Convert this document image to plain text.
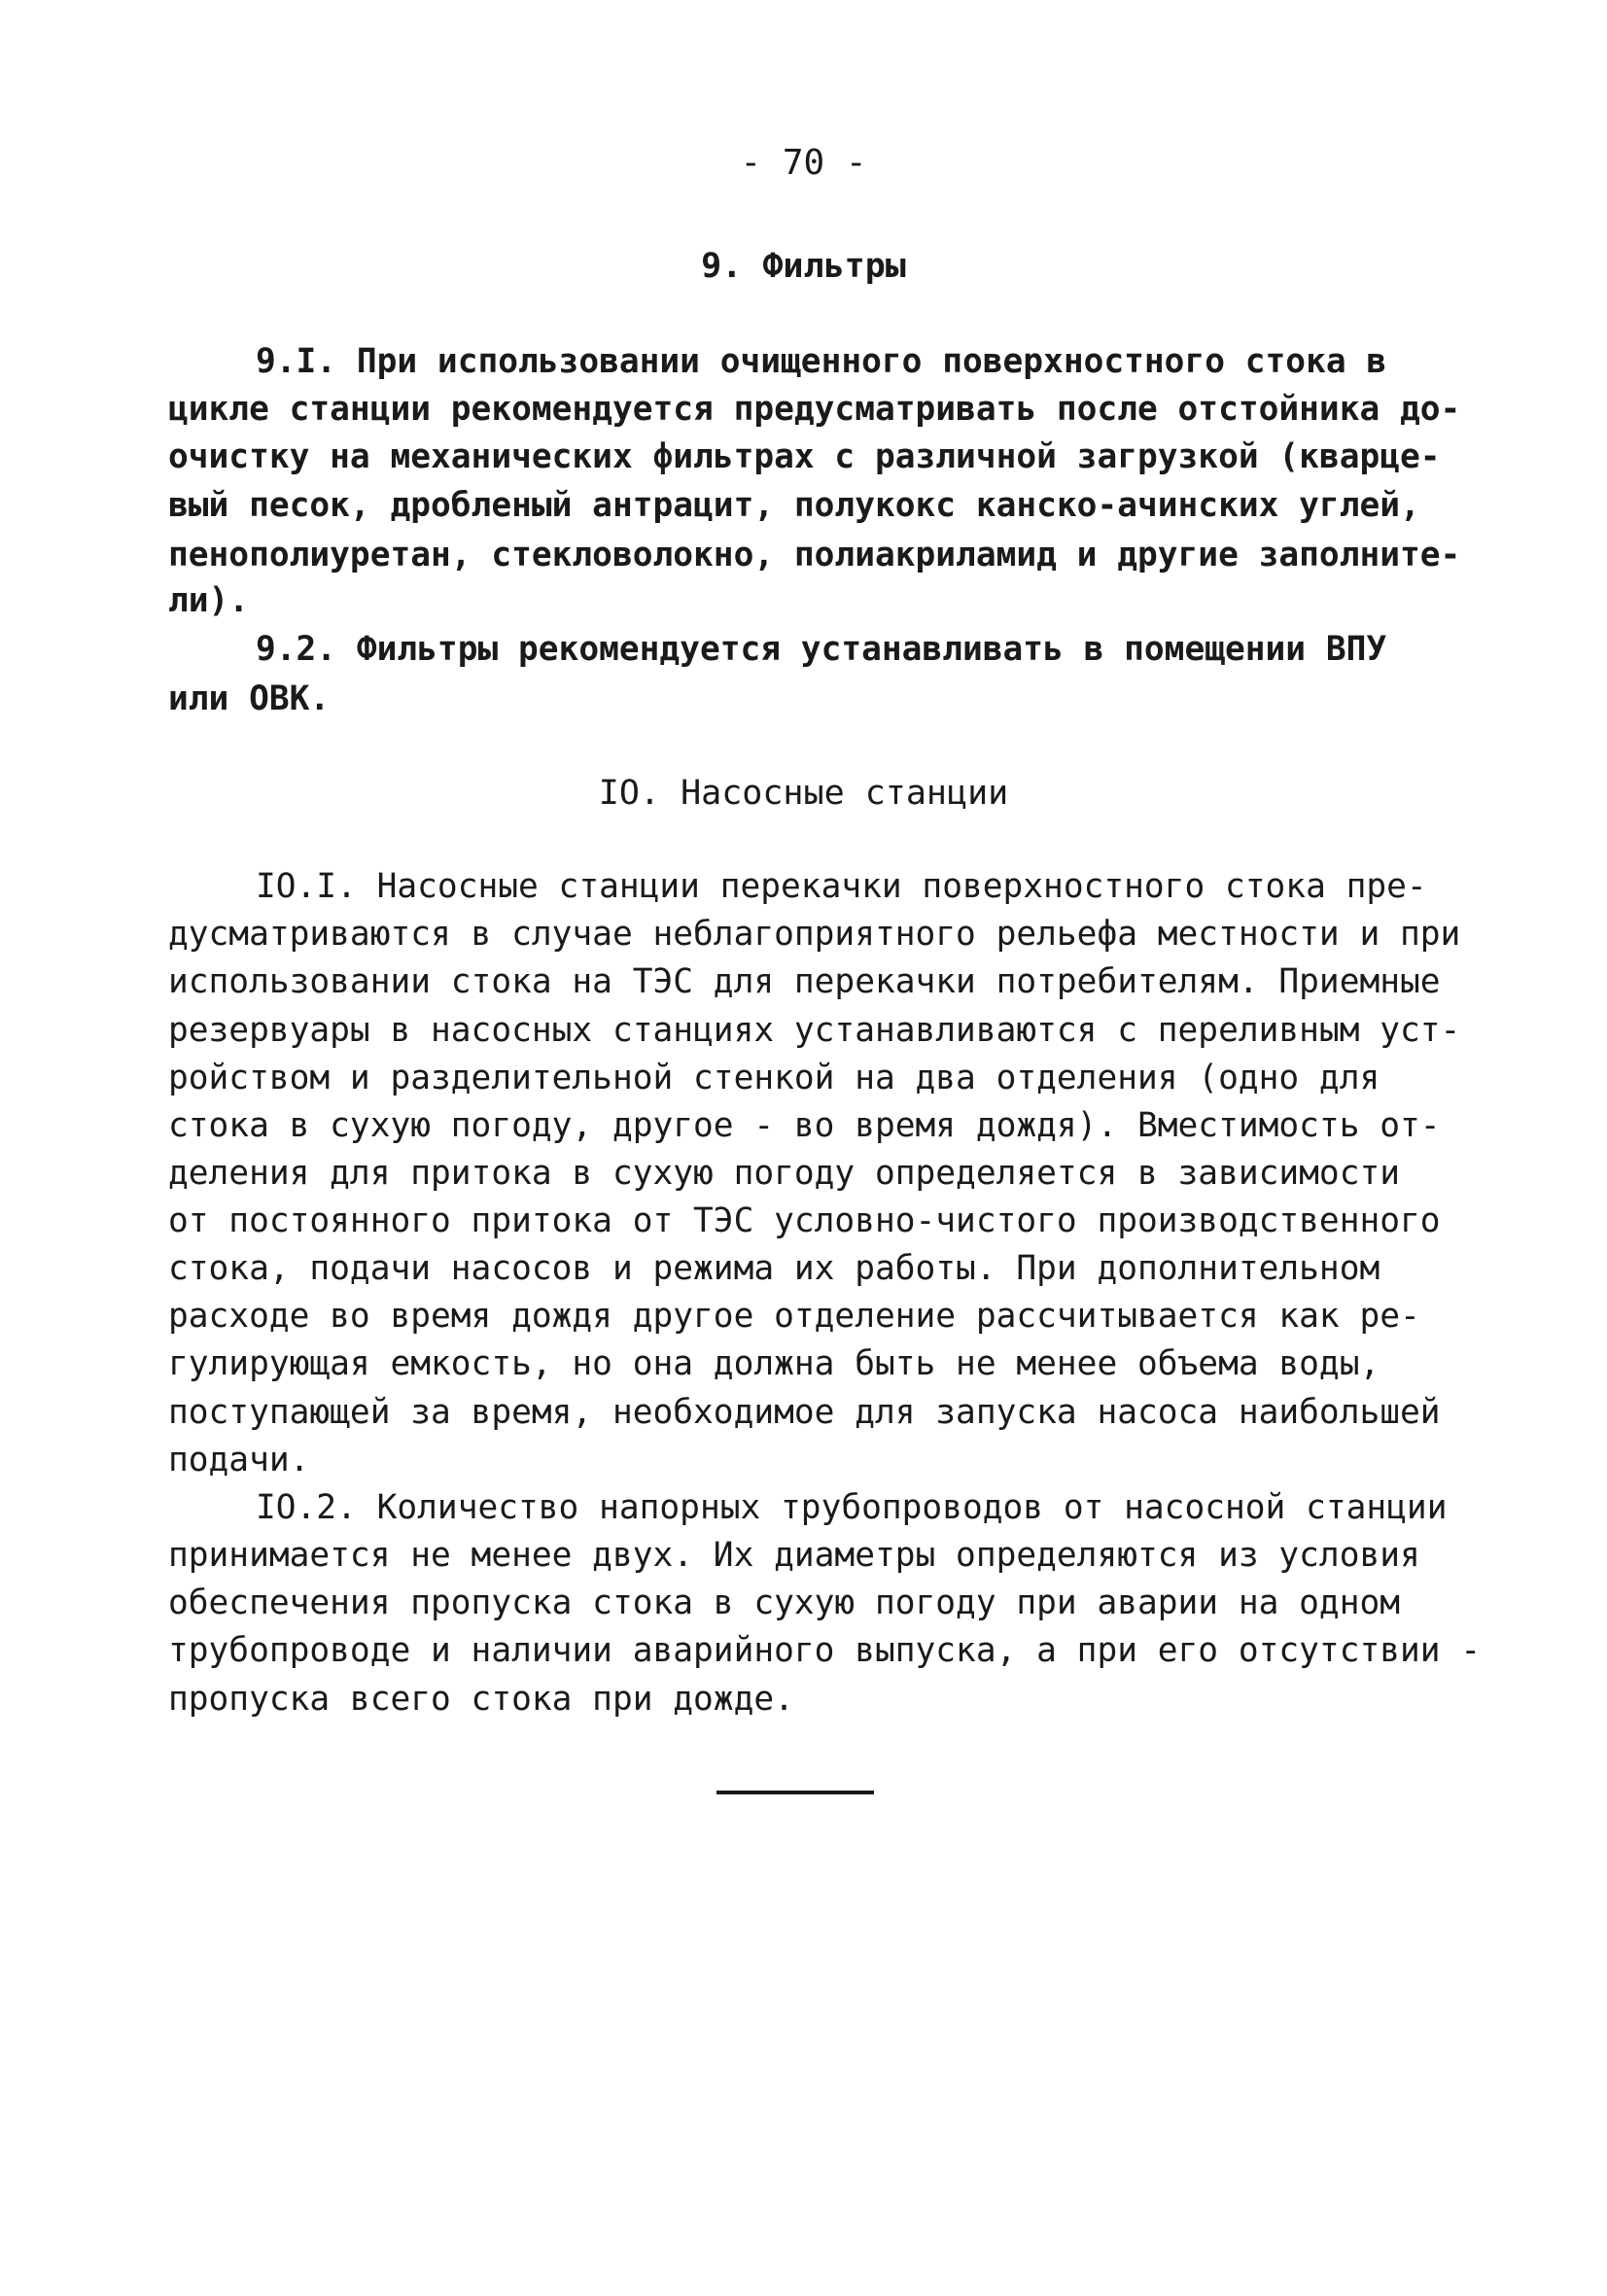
- 70 -
9. Фильтры
9.I. При использовании очищенного поверхностного стока в
цикле станции рекомендуется предусматривать после отстойника до-
очистку на механических фильтрах с различной загрузкой (кварце-
вый песок, дробленый антрацит, полукокс канско-ачинских углей,
пенополиуретан, стекловолокно, полиакриламид и другие заполните-
ли).
9.2. Фильтры рекомендуется устанавливать в помещении ВПУ
или ОВК.
IO. Насосные станции
IO.I. Насосные станции перекачки поверхностного стока пре-
дусматриваются в случае неблагоприятного рельефа местности и при
использовании стока на ТЭС для перекачки потребителям. Приемные
резервуары в насосных станциях устанавливаются с переливным уст-
ройством и разделительной стенкой на два отделения (одно для
стока в сухую погоду, другое - во время дождя). Вместимость от-
деления для притока в сухую погоду определяется в зависимости
от постоянного притока от ТЭС условно-чистого производственного
стока, подачи насосов и режима их работы. При дополнительном
расходе во время дождя другое отделение рассчитывается как ре-
гулирующая емкость, но она должна быть не менее объема воды,
поступающей за время, необходимое для запуска насоса наибольшей
подачи.
IO.2. Количество напорных трубопроводов от насосной станции
принимается не менее двух. Их диаметры определяются из условия
обеспечения пропуска стока в сухую погоду при аварии на одном
трубопроводе и наличии аварийного выпуска, а при его отсутствии -
пропуска всего стока при дожде.
